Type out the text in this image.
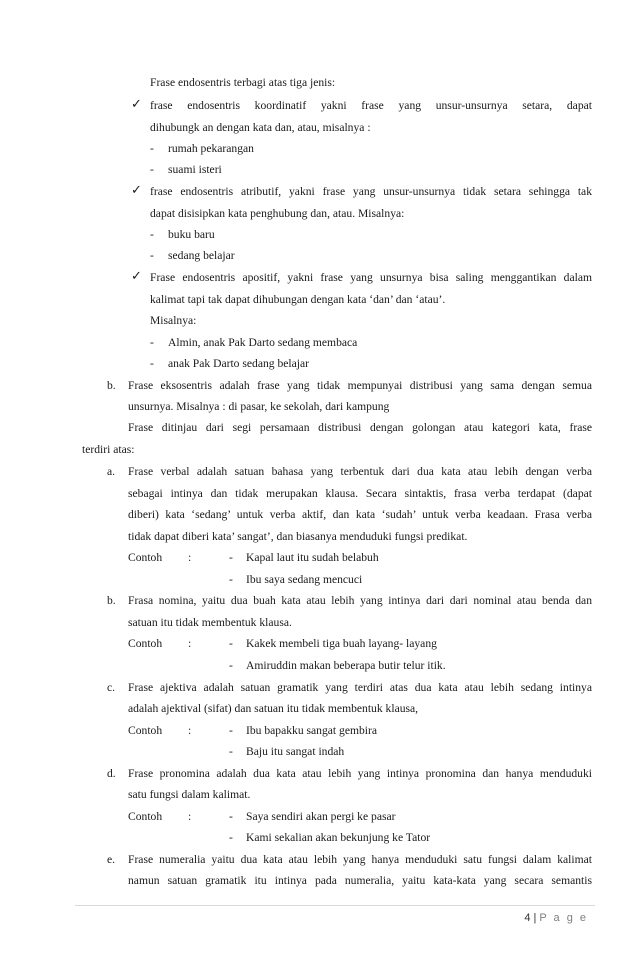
Frase endosentris terbagi atas tiga jenis:
✓ frase endosentris koordinatif yakni frase yang unsur-unsurnya setara, dapat
dihubungk an dengan kata dan, atau, misalnya :
- rumah pekarangan
- suami isteri
✓ frase endosentris atributif, yakni frase yang unsur-unsurnya tidak setara sehingga tak
dapat disisipkan kata penghubung dan, atau. Misalnya:
- buku baru
- sedang belajar
✓ Frase endosentris apositif, yakni frase yang unsurnya bisa saling menggantikan dalam
kalimat tapi tak dapat dihubungan dengan kata ‘dan’ dan ‘atau’.
Misalnya:
- Almin, anak Pak Darto sedang membaca
- anak Pak Darto sedang belajar
b. Frase eksosentris adalah frase yang tidak mempunyai distribusi yang sama dengan semua
unsurnya. Misalnya : di pasar, ke sekolah, dari kampung
Frase ditinjau dari segi persamaan distribusi dengan golongan atau kategori kata, frase
terdiri atas:
a. Frase verbal adalah satuan bahasa yang terbentuk dari dua kata atau lebih dengan verba
sebagai intinya dan tidak merupakan klausa. Secara sintaktis, frasa verba terdapat (dapat
diberi) kata ‘sedang’ untuk verba aktif, dan kata ‘sudah’ untuk verba keadaan. Frasa verba
tidak dapat diberi kata’ sangat’, dan biasanya menduduki fungsi predikat.
Contoh :	- Kapal laut itu sudah belabuh
- Ibu saya sedang mencuci
b. Frasa nomina, yaitu dua buah kata atau lebih yang intinya dari dari nominal atau benda dan
satuan itu tidak membentuk klausa.
Contoh :	- Kakek membeli tiga buah layang- layang
- Amiruddin makan beberapa butir telur itik.
c. Frase ajektiva adalah satuan gramatik yang terdiri atas dua kata atau lebih sedang intinya
adalah ajektival (sifat) dan satuan itu tidak membentuk klausa,
Contoh :	- Ibu bapakku sangat gembira
- Baju itu sangat indah
d. Frase pronomina adalah dua kata atau lebih yang intinya pronomina dan hanya menduduki
satu fungsi dalam kalimat.
Contoh :	- Saya sendiri akan pergi ke pasar
- Kami sekalian akan bekunjung ke Tator
e. Frase numeralia yaitu dua kata atau lebih yang hanya menduduki satu fungsi dalam kalimat
namun satuan gramatik itu intinya pada numeralia, yaitu kata-kata yang secara semantis
4 | P a g e
